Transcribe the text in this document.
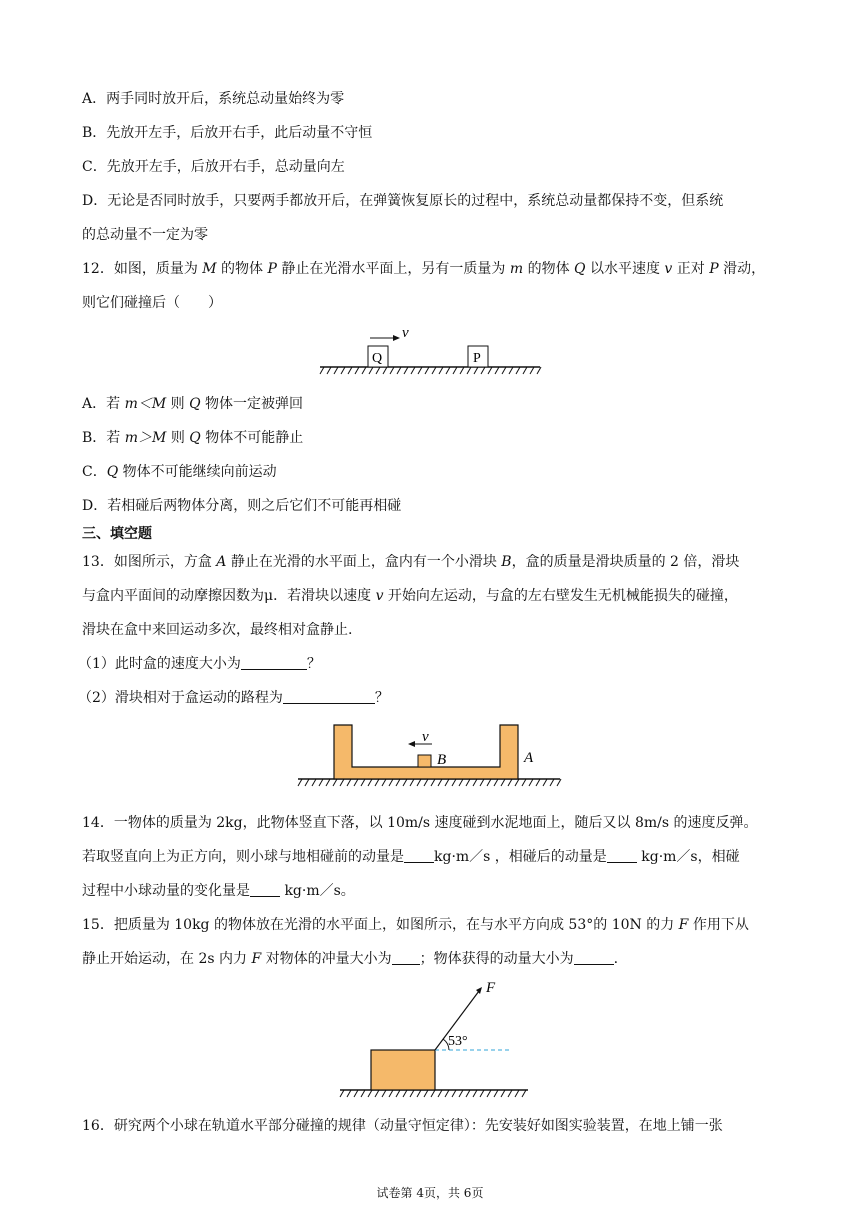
A．两手同时放开后，系统总动量始终为零
B．先放开左手，后放开右手，此后动量不守恒
C．先放开左手，后放开右手，总动量向左
D．无论是否同时放手，只要两手都放开后，在弹簧恢复原长的过程中，系统总动量都保持不变，但系统
的总动量不一定为零
12．如图，质量为 M 的物体 P 静止在光滑水平面上，另有一质量为 m 的物体 Q 以水平速度 v 正对 P 滑动，
则它们碰撞后（　　）
Q	P
v
A．若 m＜M 则 Q 物体一定被弹回
B．若 m＞M 则 Q 物体不可能静止
C．Q 物体不可能继续向前运动
D．若相碰后两物体分离，则之后它们不可能再相碰
三、填空题
13．如图所示，方盒 A 静止在光滑的水平面上，盒内有一个小滑块 B，盒的质量是滑块质量的 2 倍，滑块
与盒内平面间的动摩擦因数为μ．若滑块以速度 v 开始向左运动，与盒的左右壁发生无机械能损失的碰撞，
滑块在盒中来回运动多次，最终相对盒静止.
（1）此时盒的速度大小为	？
（2）滑块相对于盒运动的路程为	？
v
B	A
14．一物体的质量为 2kg，此物体竖直下落，以 10m/s 速度碰到水泥地面上，随后又以 8m/s 的速度反弹。
若取竖直向上为正方向，则小球与地相碰前的动量是 kg·m／s ，相碰后的动量是 kg·m／s，相碰
过程中小球动量的变化量是 kg·m／s。
15．把质量为 10kg 的物体放在光滑的水平面上，如图所示，在与水平方向成 53°的 10N 的力 F 作用下从
静止开始运动，在 2s 内力 F 对物体的冲量大小为 ；物体获得的动量大小为	.
F
53°
16．研究两个小球在轨道水平部分碰撞的规律（动量守恒定律）：先安装好如图实验装置，在地上铺一张
试卷第 4页，共 6页
